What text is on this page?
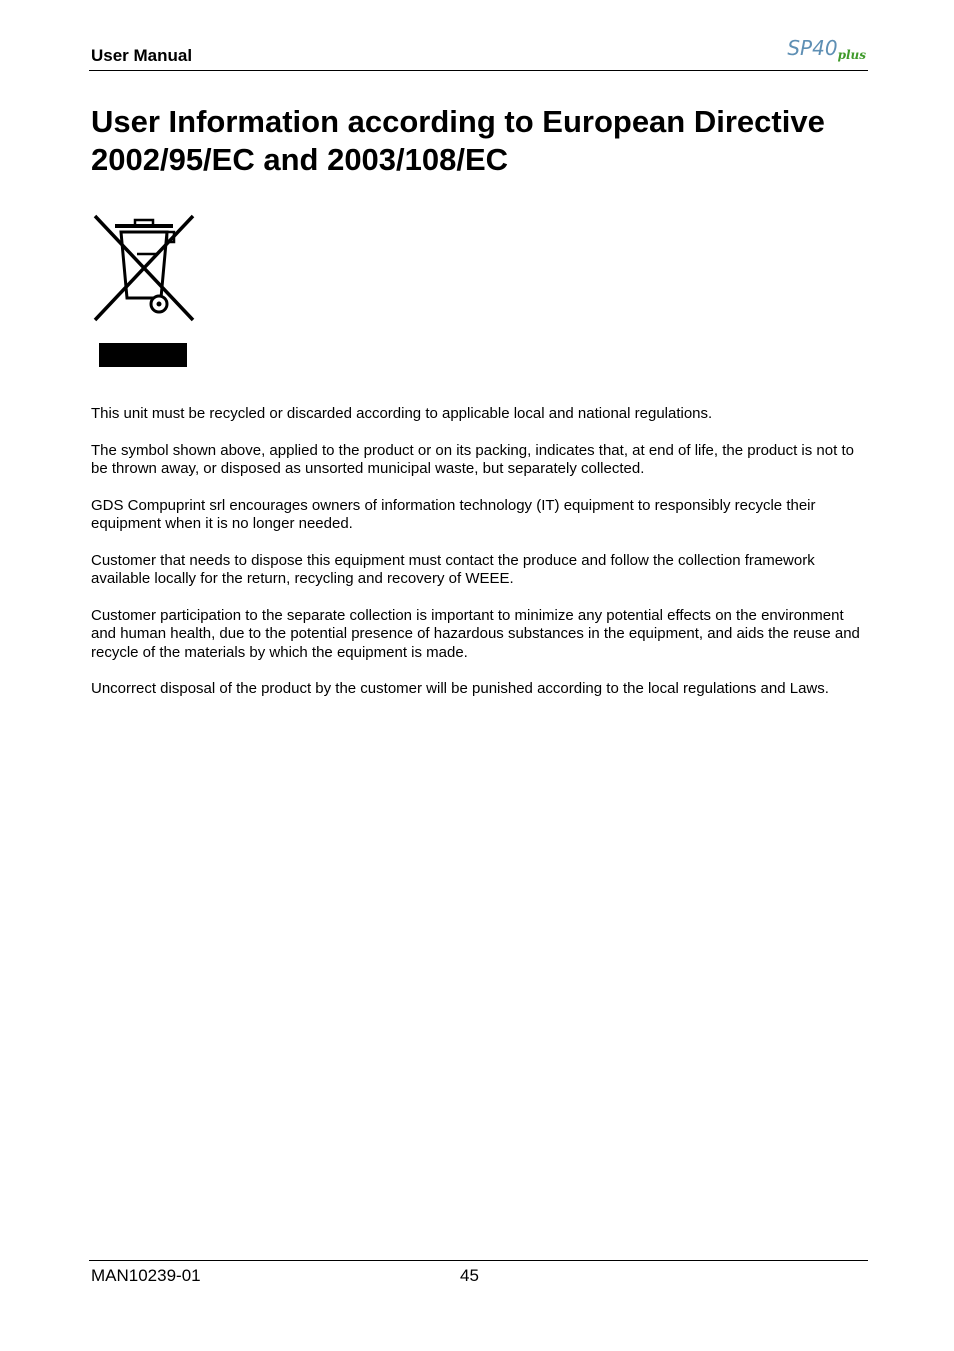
User Manual	$SP40_{plus}$
User Information according to European Directive 2002/95/EC and 2003/108/EC

This unit must be recycled or discarded according to applicable local and national regulations.

The symbol shown above, applied to the product or on its packing, indicates that, at end of life, the product is not to be thrown away, or disposed as unsorted municipal waste, but separately collected.

GDS Compuprint srl encourages owners of information technology (IT) equipment to responsibly recycle their equipment when it is no longer needed.

Customer that needs to dispose this equipment must contact the produce and follow the collection framework available locally for the return, recycling and recovery of WEEE.

Customer participation to the separate collection is important to minimize any potential effects on the environment and human health, due to the potential presence of hazardous substances in the equipment, and aids the reuse and recycle of the materials by which the equipment is made.

Uncorrect disposal of the product by the customer will be punished according to the local regulations and Laws.

MAN10239-01	45
